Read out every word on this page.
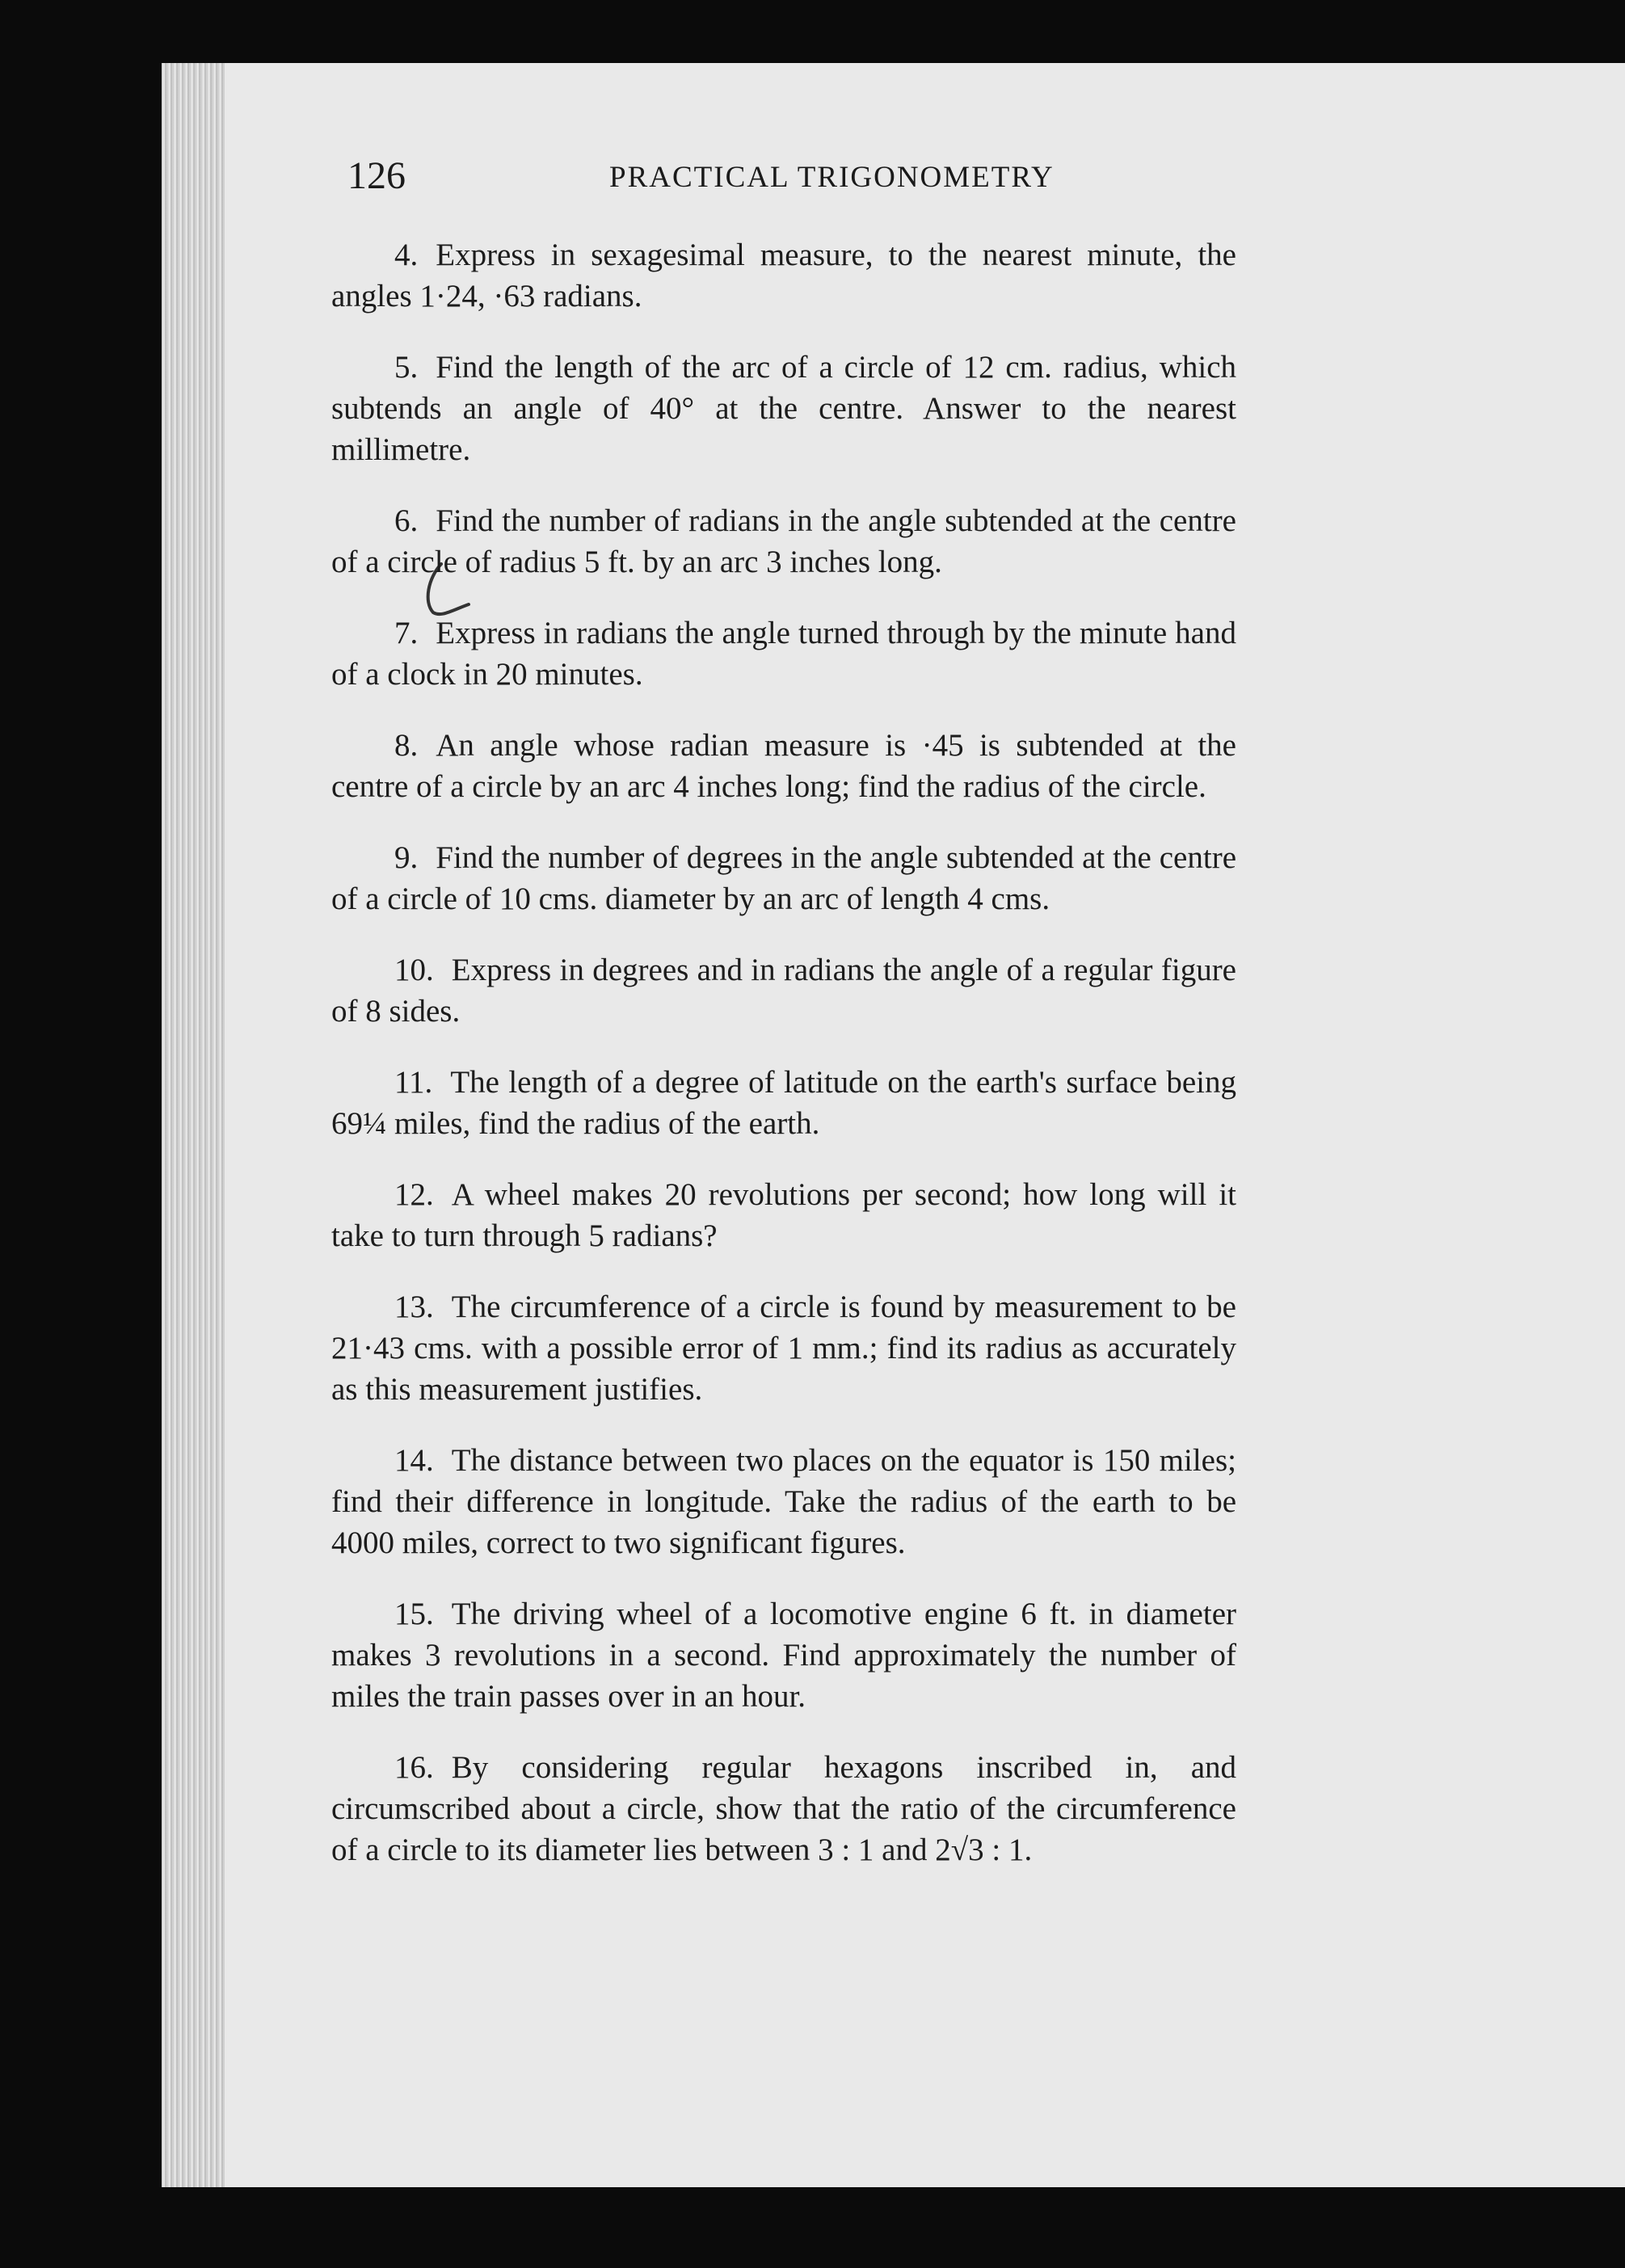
126	PRACTICAL TRIGONOMETRY

4. Express in sexagesimal measure, to the nearest minute, the angles 1·24, ·63 radians.

5. Find the length of the arc of a circle of 12 cm. radius, which subtends an angle of 40° at the centre. Answer to the nearest millimetre.

6. Find the number of radians in the angle subtended at the centre of a circle of radius 5 ft. by an arc 3 inches long.

7. Express in radians the angle turned through by the minute hand of a clock in 20 minutes.

8. An angle whose radian measure is ·45 is subtended at the centre of a circle by an arc 4 inches long; find the radius of the circle.

9. Find the number of degrees in the angle subtended at the centre of a circle of 10 cms. diameter by an arc of length 4 cms.

10. Express in degrees and in radians the angle of a regular figure of 8 sides.

11. The length of a degree of latitude on the earth's surface being 69¼ miles, find the radius of the earth.

12. A wheel makes 20 revolutions per second; how long will it take to turn through 5 radians?

13. The circumference of a circle is found by measurement to be 21·43 cms. with a possible error of 1 mm.; find its radius as accurately as this measurement justifies.

14. The distance between two places on the equator is 150 miles; find their difference in longitude. Take the radius of the earth to be 4000 miles, correct to two significant figures.

15. The driving wheel of a locomotive engine 6 ft. in diameter makes 3 revolutions in a second. Find approximately the number of miles the train passes over in an hour.

16. By considering regular hexagons inscribed in, and circumscribed about a circle, show that the ratio of the circumference of a circle to its diameter lies between 3 : 1 and 2√3 : 1.
